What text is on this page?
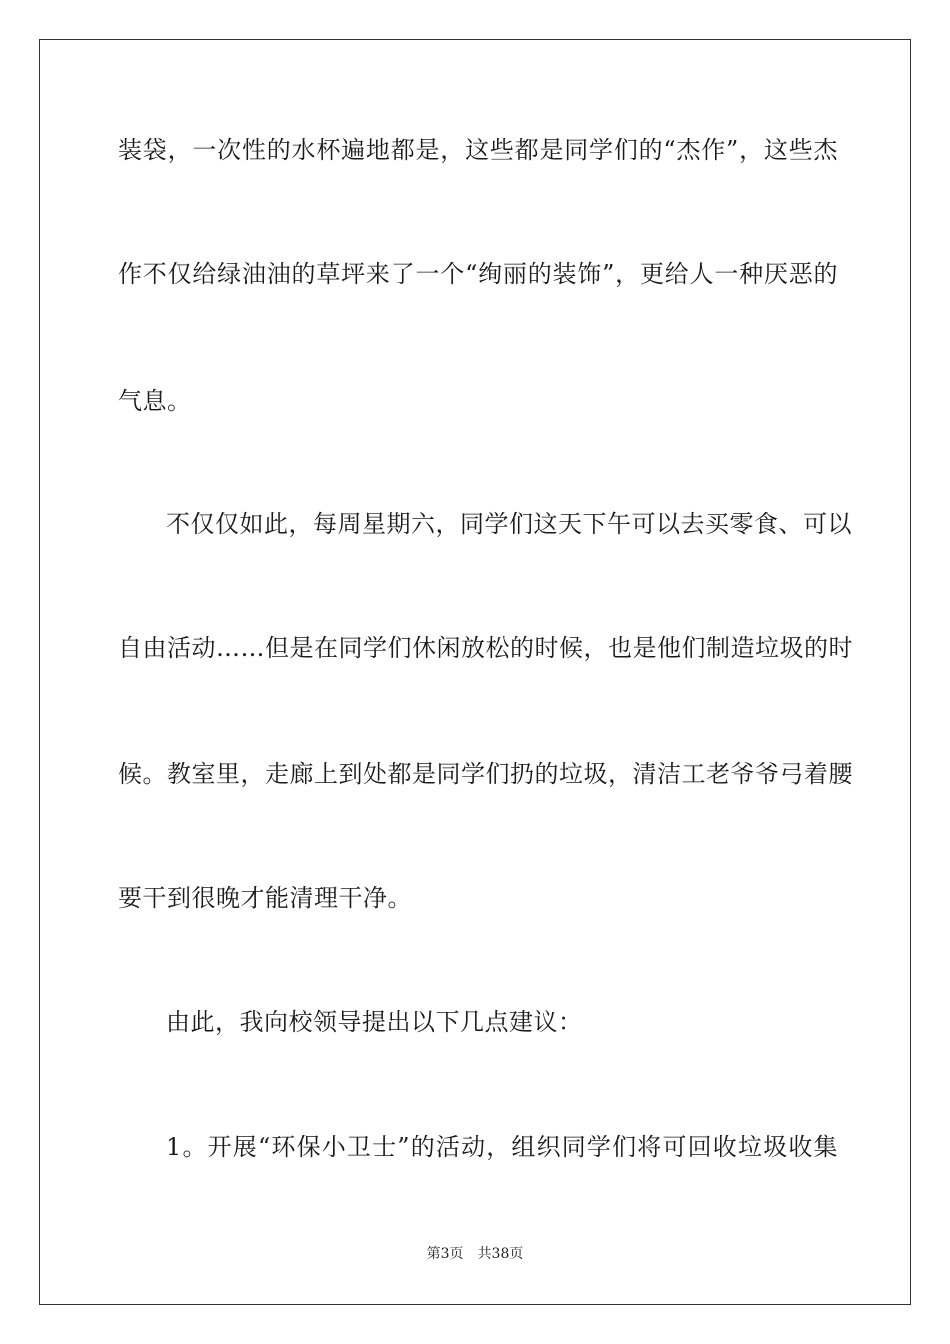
装袋，一次性的水杯遍地都是，这些都是同学们的“杰作”，这些杰
作不仅给绿油油的草坪来了一个“绚丽的装饰”，更给人一种厌恶的
气息。
不仅仅如此，每周星期六，同学们这天下午可以去买零食、可以
自由活动……但是在同学们休闲放松的时候，也是他们制造垃圾的时
候。教室里，走廊上到处都是同学们扔的垃圾，清洁工老爷爷弓着腰
要干到很晚才能清理干净。
由此，我向校领导提出以下几点建议：
1。开展“环保小卫士”的活动，组织同学们将可回收垃圾收集
第3页 共38页
